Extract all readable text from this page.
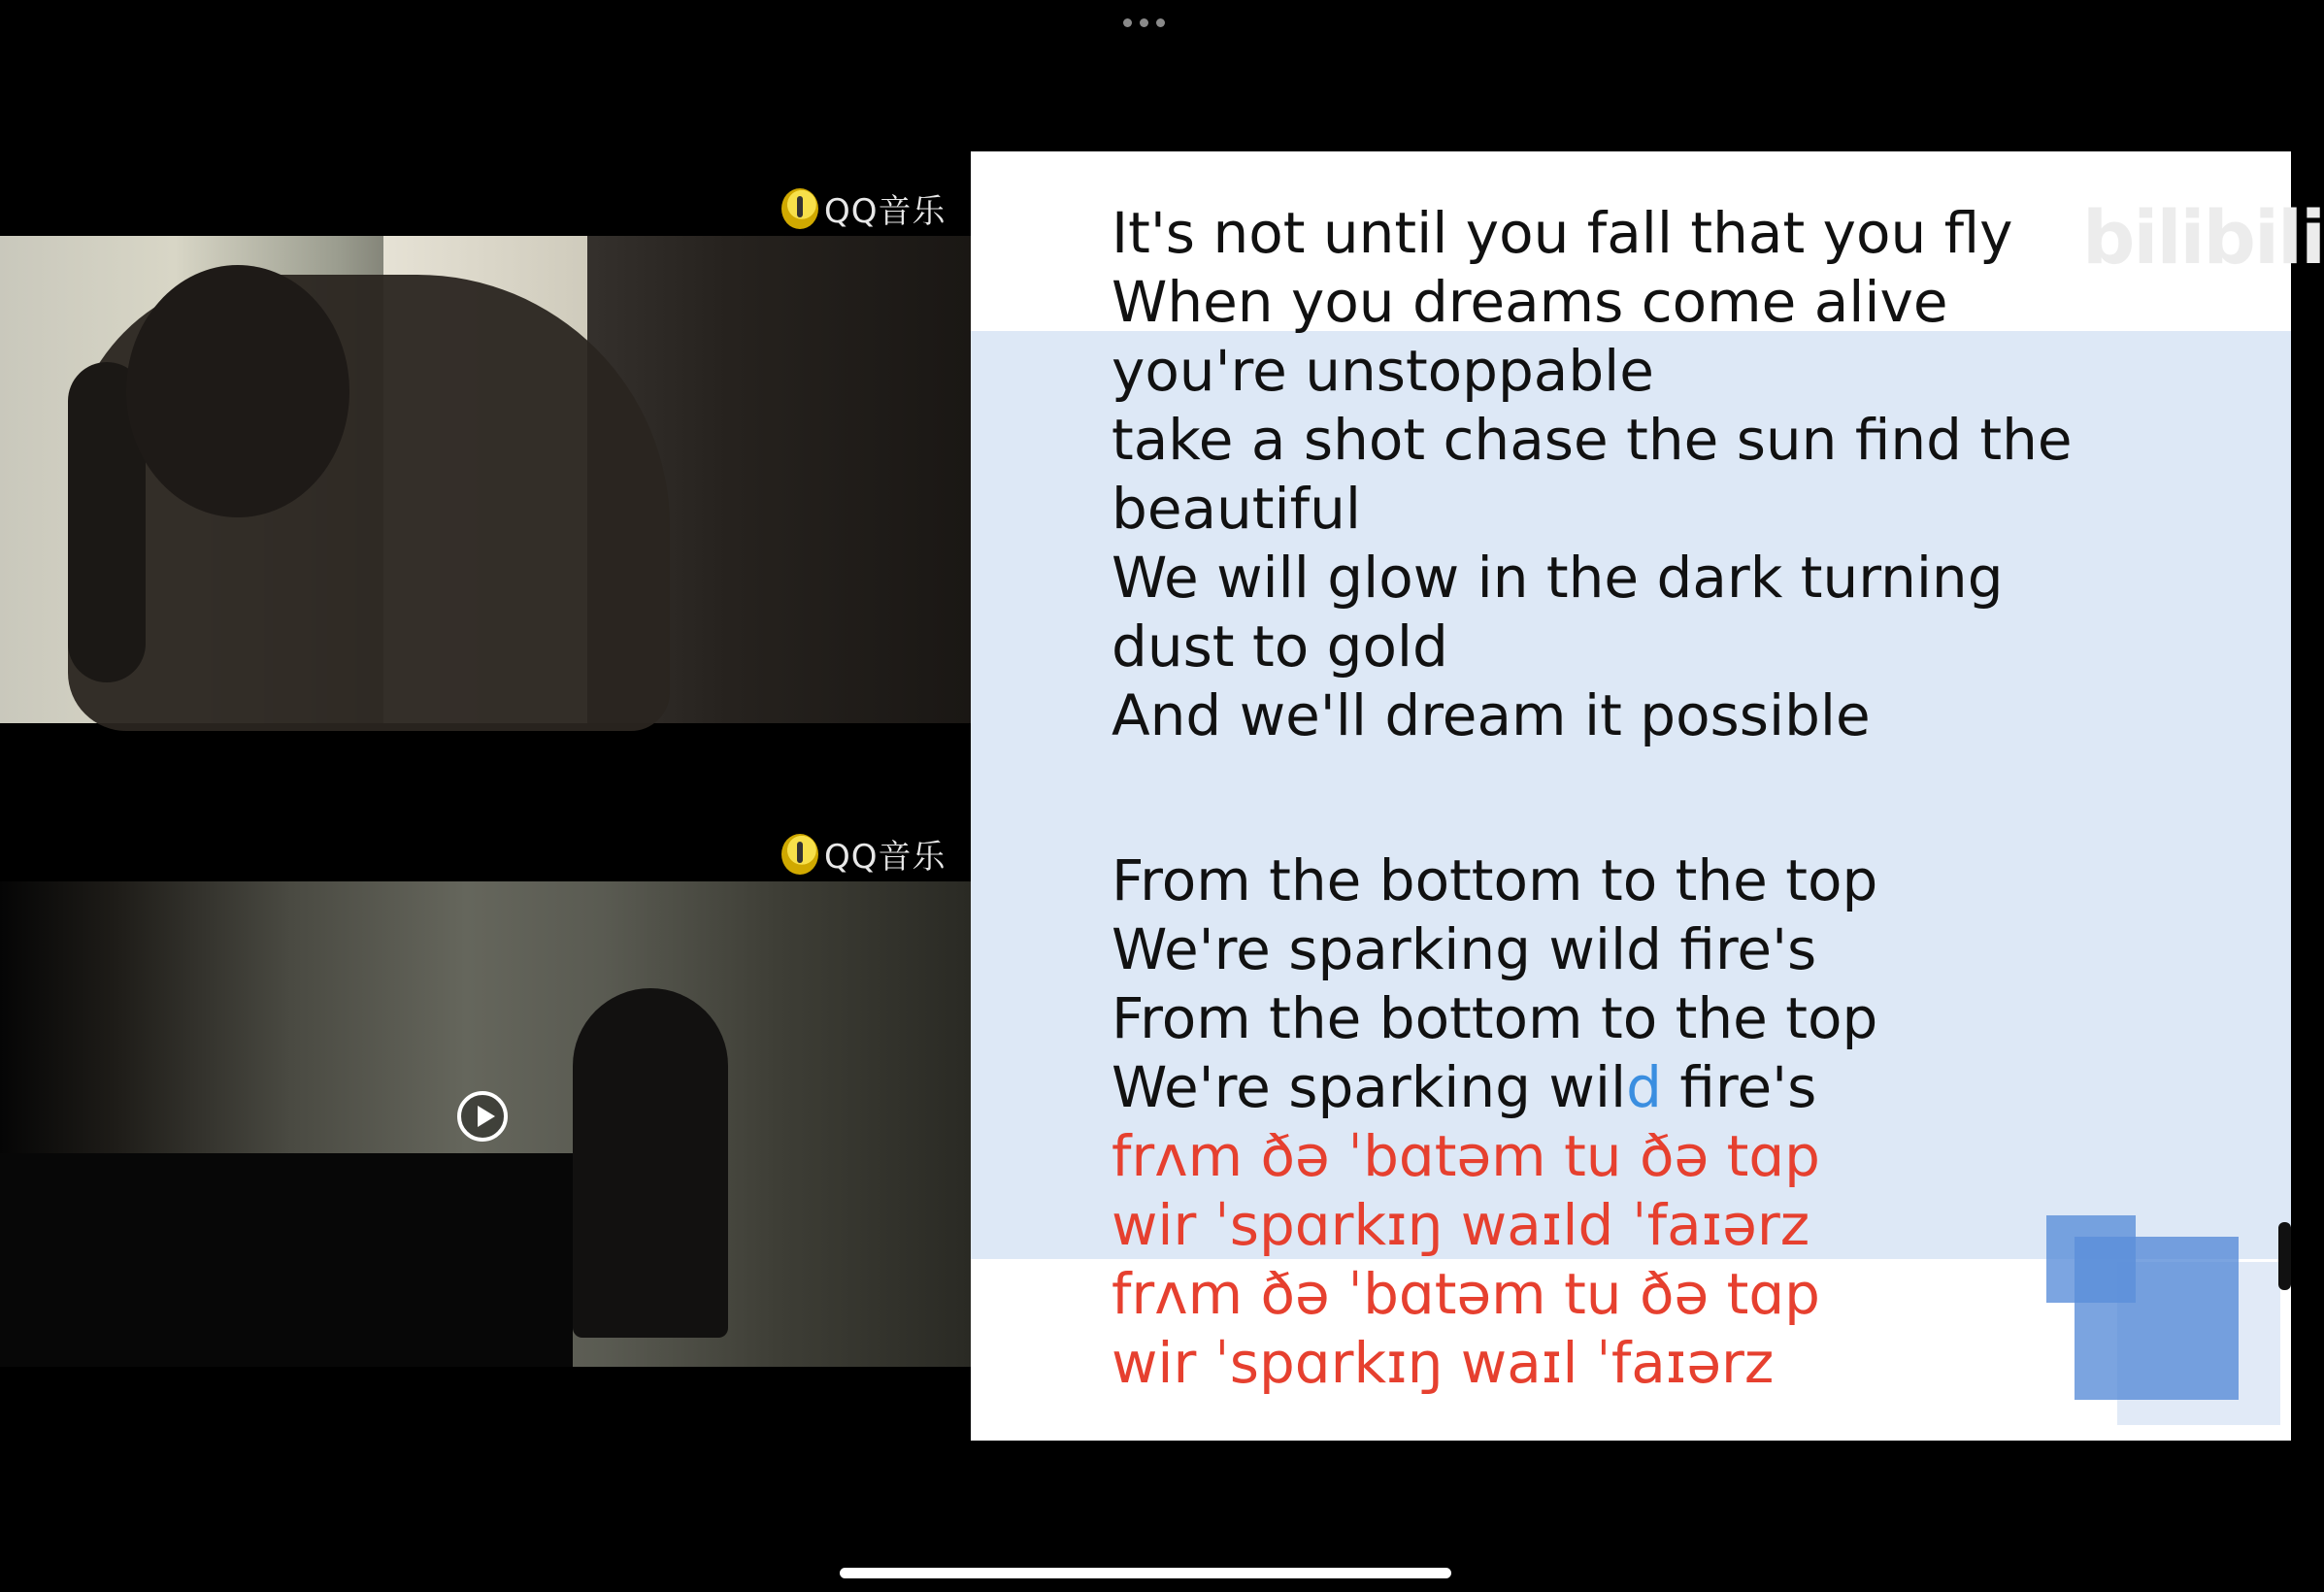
QQ音乐
QQ音乐
bilibili
It's not until you fall that you fly
When you dreams come alive
you're unstoppable
take a shot chase the sun find the
beautiful
We will glow in the dark turning
dust to gold
And we'll dream it possible
From the bottom to the top
We're sparking wild fire's
From the bottom to the top
We're sparking wild fire's
frʌm ðə ˈbɑtəm tu ðə tɑp
wir ˈspɑrkɪŋ waɪld ˈfaɪərz
frʌm ðə ˈbɑtəm tu ðə tɑp
wir ˈspɑrkɪŋ waɪl ˈfaɪərz
